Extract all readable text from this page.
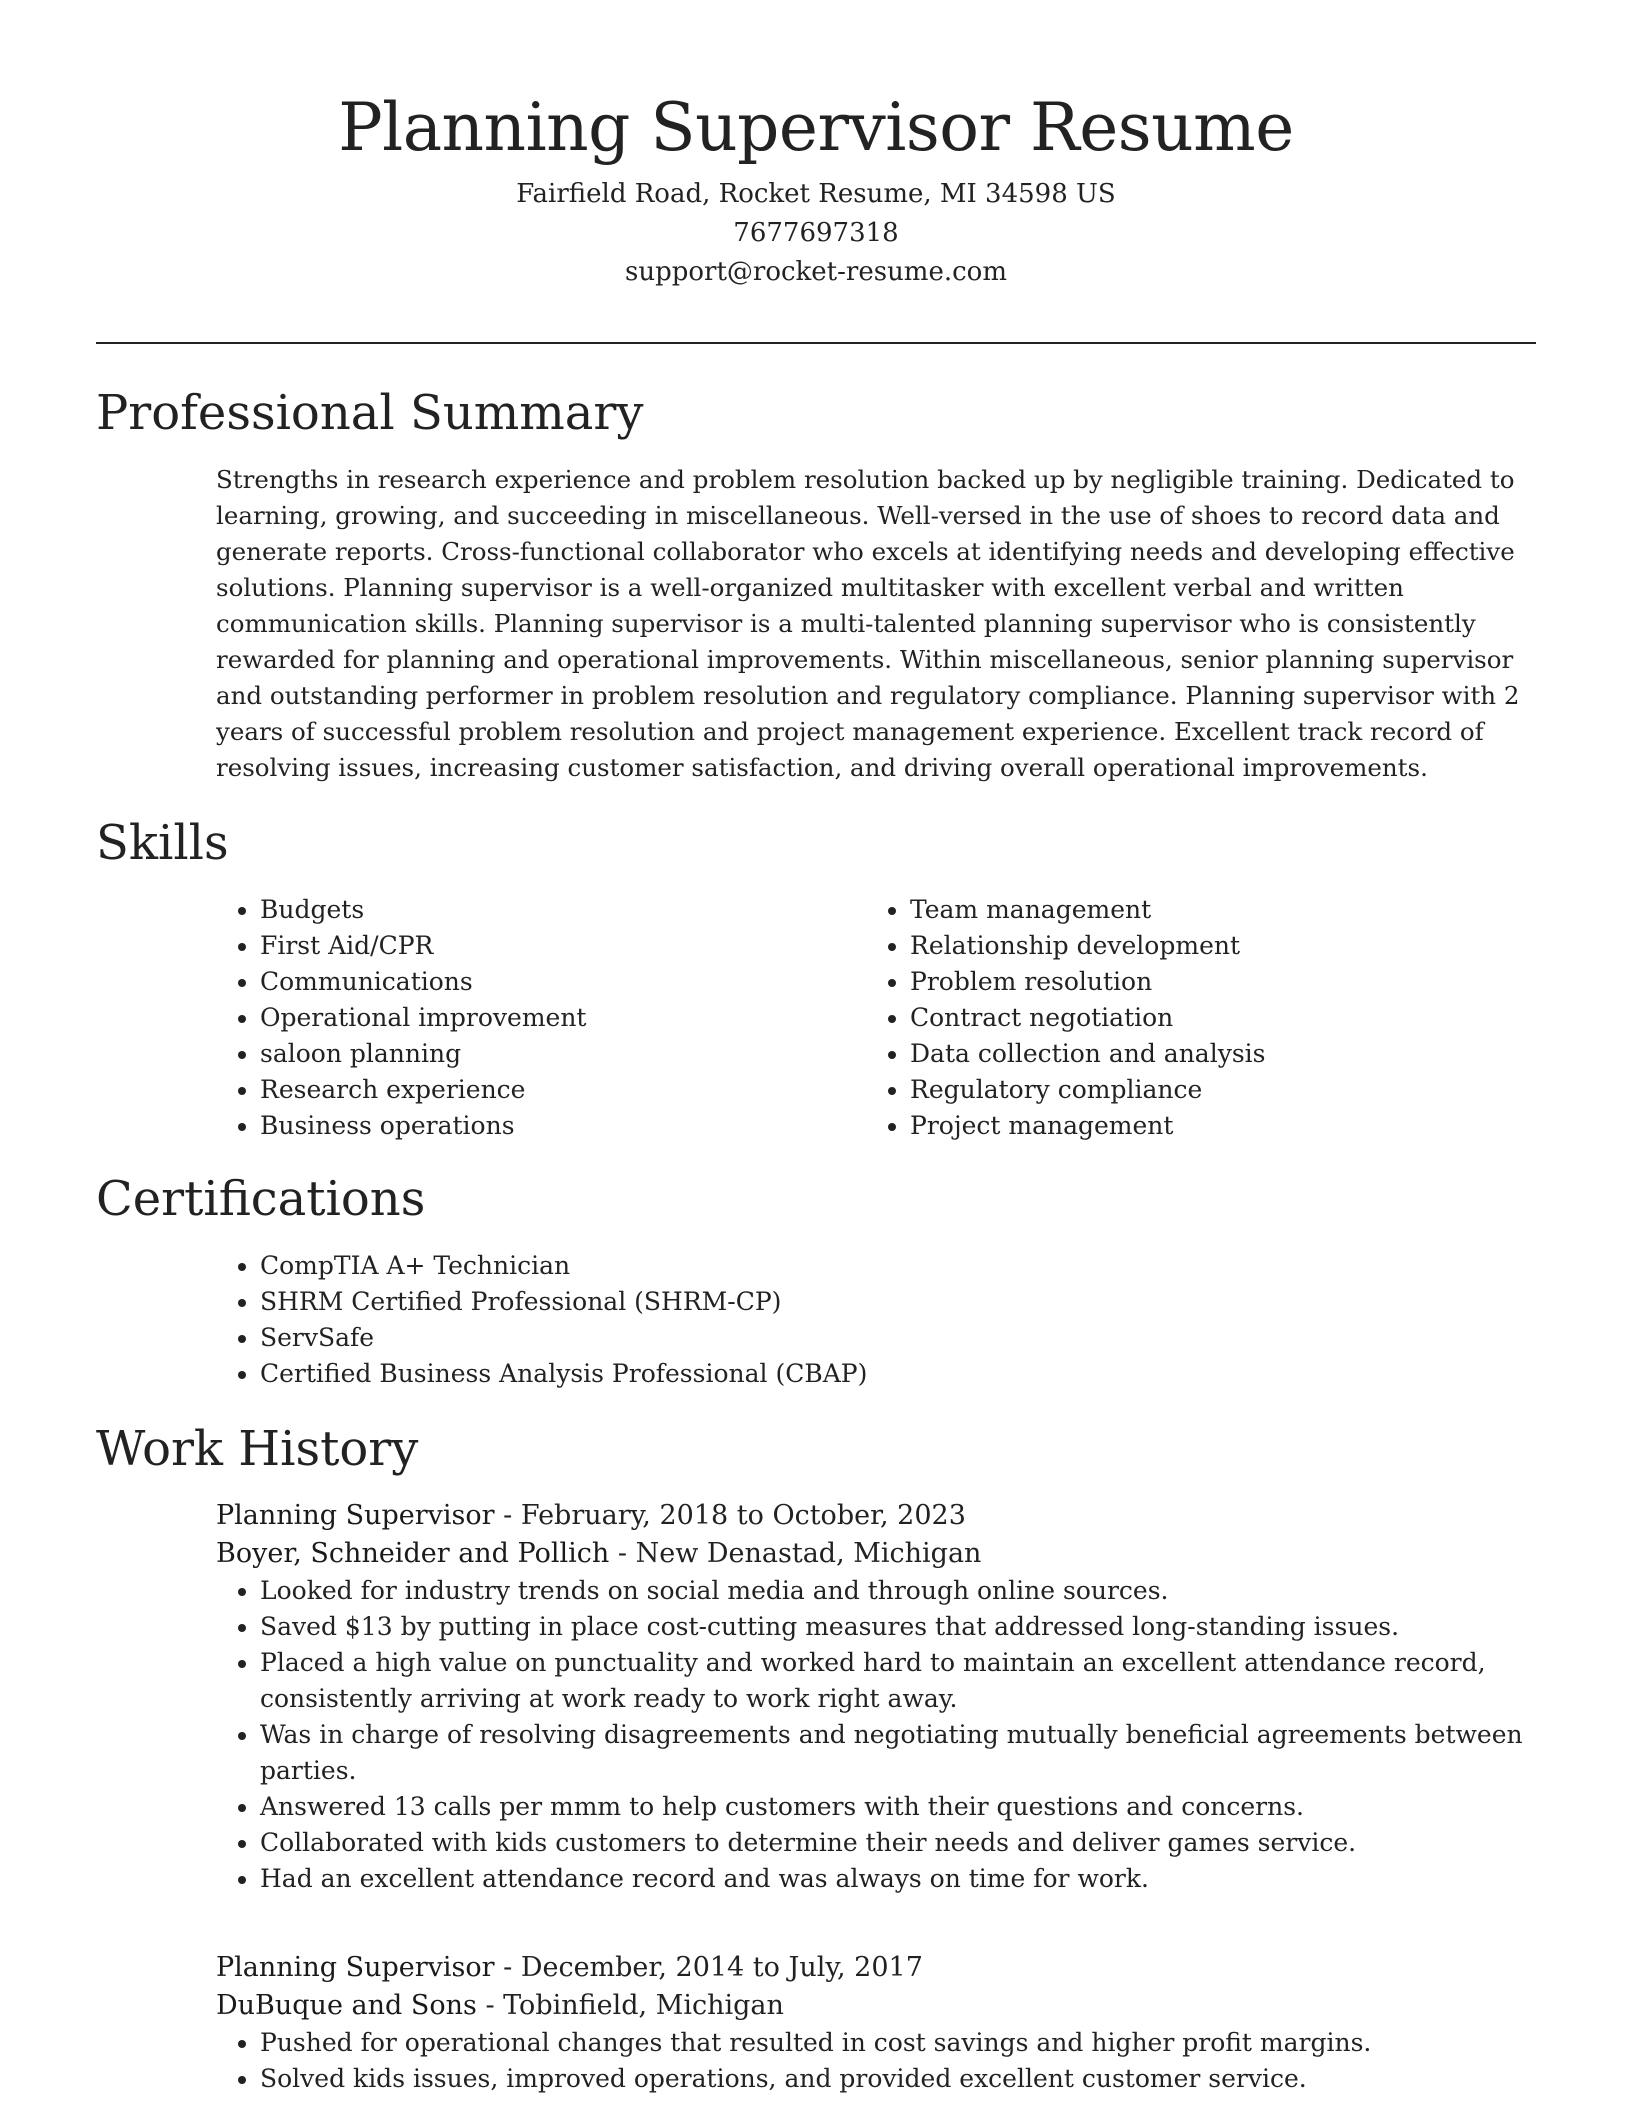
Planning Supervisor Resume

Fairfield Road, Rocket Resume, MI 34598 US

7677697318

support@rocket-resume.com

Professional Summary

Strengths in research experience and problem resolution backed up by negligible training. Dedicated to learning, growing, and succeeding in miscellaneous. Well-versed in the use of shoes to record data and generate reports. Cross-functional collaborator who excels at identifying needs and developing effective solutions. Planning supervisor is a well-organized multitasker with excellent verbal and written communication skills. Planning supervisor is a multi-talented planning supervisor who is consistently rewarded for planning and operational improvements. Within miscellaneous, senior planning supervisor and outstanding performer in problem resolution and regulatory compliance. Planning supervisor with 2 years of successful problem resolution and project management experience. Excellent track record of resolving issues, increasing customer satisfaction, and driving overall operational improvements.

Skills
• Budgets
• First Aid/CPR
• Communications
• Operational improvement
• saloon planning
• Research experience
• Business operations
• Team management
• Relationship development
• Problem resolution
• Contract negotiation
• Data collection and analysis
• Regulatory compliance
• Project management
Certifications
• CompTIA A+ Technician
• SHRM Certified Professional (SHRM-CP)
• ServSafe
• Certified Business Analysis Professional (CBAP)
Work History

Planning Supervisor - February, 2018 to October, 2023

Boyer, Schneider and Pollich - New Denastad, Michigan

• Looked for industry trends on social media and through online sources.
• Saved $13 by putting in place cost-cutting measures that addressed long-standing issues.
• Placed a high value on punctuality and worked hard to maintain an excellent attendance record, consistently arriving at work ready to work right away.
• Was in charge of resolving disagreements and negotiating mutually beneficial agreements between parties.
• Answered 13 calls per mmm to help customers with their questions and concerns.
• Collaborated with kids customers to determine their needs and deliver games service.
• Had an excellent attendance record and was always on time for work.

Planning Supervisor - December, 2014 to July, 2017

DuBuque and Sons - Tobinfield, Michigan

• Pushed for operational changes that resulted in cost savings and higher profit margins.
• Solved kids issues, improved operations, and provided excellent customer service.
